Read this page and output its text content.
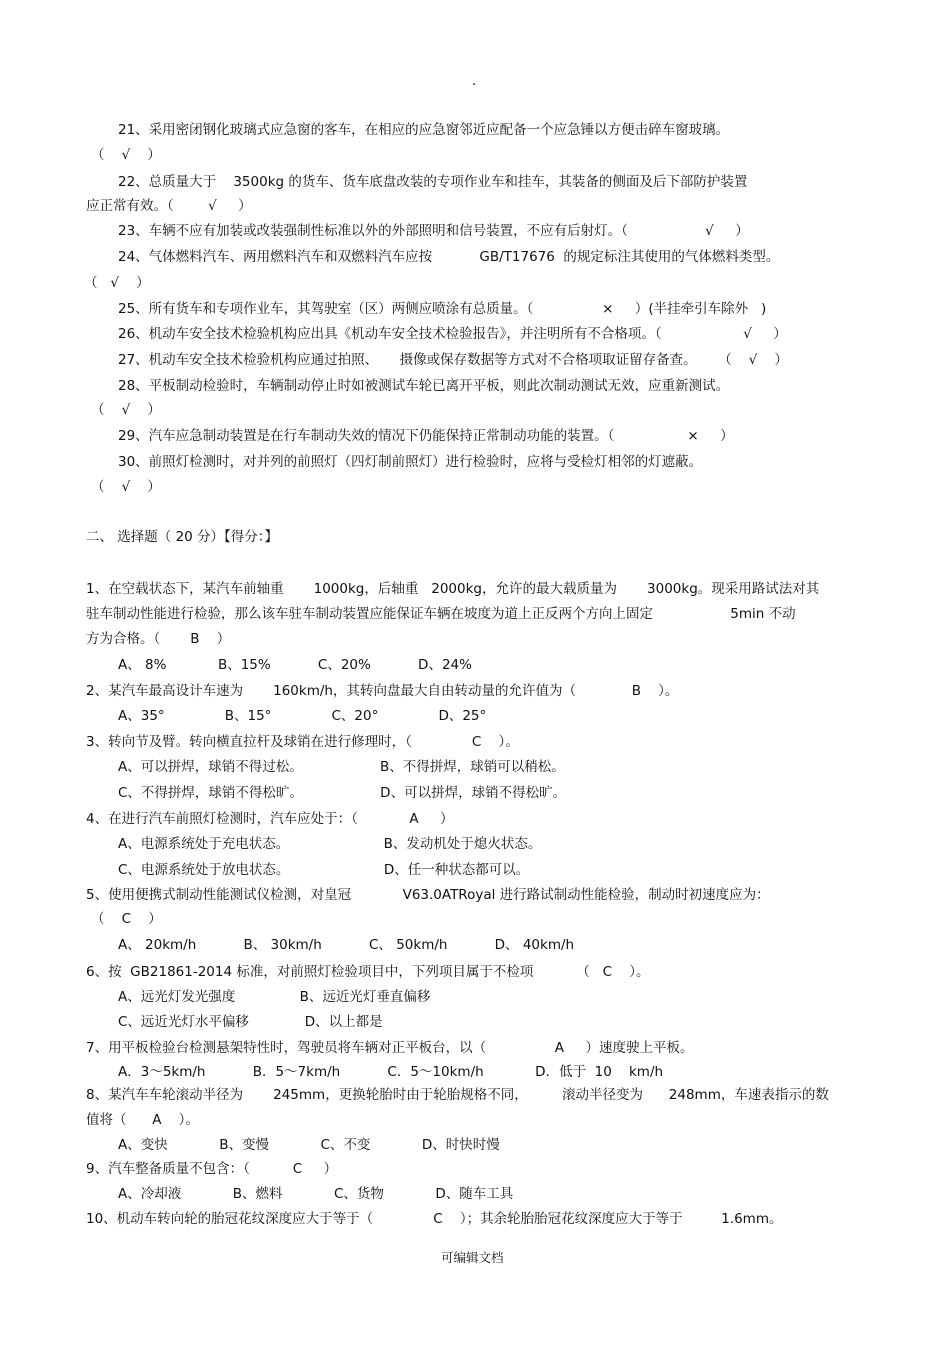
.
21、采用密闭钢化玻璃式应急窗的客车，在相应的应急窗邻近应配备一个应急锤以方便击碎车窗玻璃。
（    √    ）
22、总质量大于    3500kg 的货车、货车底盘改装的专项作业车和挂车，其装备的侧面及后下部防护装置
应正常有效。（        √     ）
23、车辆不应有加装或改装强制性标准以外的外部照明和信号装置，不应有后射灯。（                  √     ）
24、气体燃料汽车、两用燃料汽车和双燃料汽车应按           GB/T17676  的规定标注其使用的气体燃料类型。
（   √    ）
25、所有货车和专项作业车，其驾驶室（区）两侧应喷涂有总质量。（                ×     ）(半挂牵引车除外   )
26、机动车安全技术检验机构应出具《机动车安全技术检验报告》，并注明所有不合格项。（                   √     ）
27、机动车安全技术检验机构应通过拍照、     摄像或保存数据等方式对不合格项取证留存备查。     （    √    ）
28、平板制动检验时，车辆制动停止时如被测试车轮已离开平板，则此次制动测试无效，应重新测试。
（    √    ）
29、汽车应急制动装置是在行车制动失效的情况下仍能保持正常制动功能的装置。（                 ×     ）
30、前照灯检测时，对并列的前照灯（四灯制前照灯）进行检验时，应将与受检灯相邻的灯遮蔽。
（    √    ）
二、 选择题（ 20 分）【得分：】
1、在空载状态下，某汽车前轴重       1000kg，后轴重   2000kg，允许的最大载质量为       3000kg。现采用路试法对其
驻车制动性能进行检验，那么该车驻车制动装置应能保证车辆在坡度为道上正反两个方向上固定                  5min 不动
方为合格。（       B    ）
A、 8%            B、15%           C、20%           D、24%
2、某汽车最高设计车速为       160km/h，其转向盘最大自由转动量的允许值为（             B    ）。
A、35°              B、15°              C、20°              D、25°
3、转向节及臂。转向横直拉杆及球销在进行修理时，（              C    ）。
A、可以拼焊，球销不得过松。                  B、不得拼焊，球销可以稍松。
C、不得拼焊，球销不得松旷。                  D、可以拼焊，球销不得松旷。
4、在进行汽车前照灯检测时，汽车应处于：（            A     ）
A、电源系统处于充电状态。                      B、发动机处于熄火状态。
C、电源系统处于放电状态。                      D、任一种状态都可以。
5、使用便携式制动性能测试仪检测，对皇冠            V63.0ATRoyal 进行路试制动性能检验，制动时初速度应为：
（    C    ）
A、 20km/h           B、 30km/h           C、 50km/h           D、 40km/h
6、按  GB21861-2014 标准，对前照灯检验项目中，下列项目属于不检项          （   C    ）。
A、远光灯发光强度               B、远近光灯垂直偏移
C、远近光灯水平偏移             D、以上都是
7、用平板检验台检测悬架特性时，驾驶员将车辆对正平板台，以（                A     ）速度驶上平板。
A．3～5km/h           B．5～7km/h           C．5～10km/h            D．低于  10    km/h
8、某汽车车轮滚动半径为       245mm，更换轮胎时由于轮胎规格不同，        滚动半径变为      248mm，车速表指示的数
值将（      A    ）。
A、变快            B、变慢            C、不变            D、时快时慢
9、汽车整备质量不包含：（          C     ）
A、冷却液            B、燃料            C、货物            D、随车工具
10、机动车转向轮的胎冠花纹深度应大于等于（              C    ）；其余轮胎胎冠花纹深度应大于等于         1.6mm。
可编辑文档
